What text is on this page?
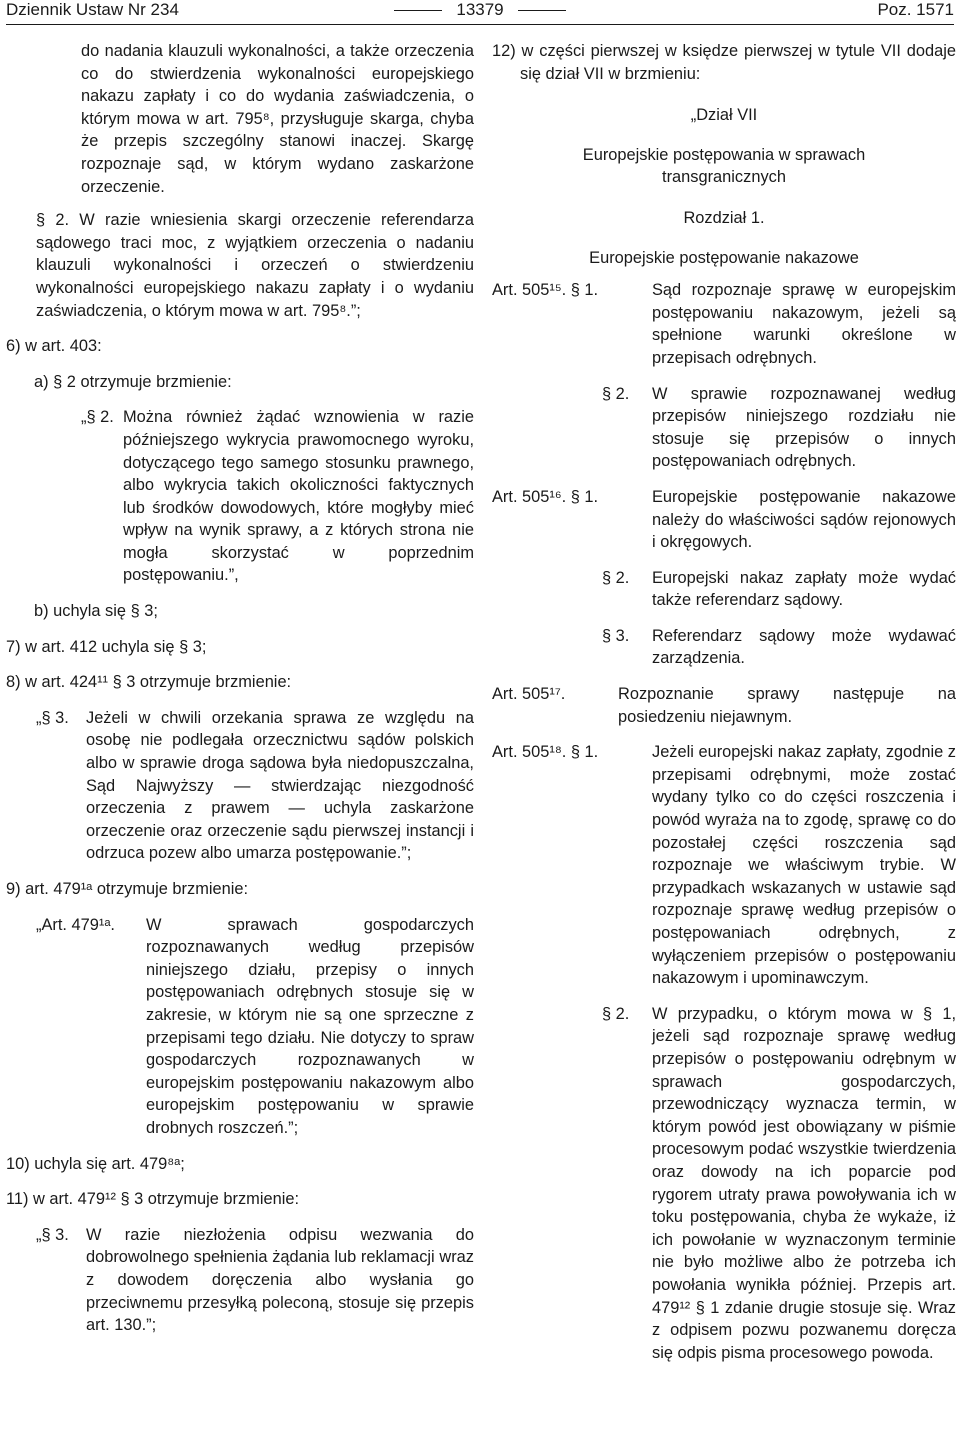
Dziennik Ustaw Nr 234	13379	Poz. 1571

do nadania klauzuli wykonalności, a także orzeczenia co do stwierdzenia wykonalności europejskiego nakazu zapłaty i co do wydania zaświadczenia, o którym mowa w art. 795⁸, przysługuje skarga, chyba że przepis szczególny stanowi inaczej. Skargę rozpoznaje sąd, w którym wydano zaskarżone orzeczenie.

§ 2. W razie wniesienia skargi orzeczenie referendarza sądowego traci moc, z wyjątkiem orzeczenia o nadaniu klauzuli wykonalności i orzeczeń o stwierdzeniu wykonalności europejskiego nakazu zapłaty i o wydaniu zaświadczenia, o którym mowa w art. 795⁸.”;

6) w art. 403:

a) § 2 otrzymuje brzmienie:

„§ 2. Można również żądać wznowienia w razie późniejszego wykrycia prawomocnego wyroku, dotyczącego tego samego stosunku prawnego, albo wykrycia takich okoliczności faktycznych lub środków dowodowych, które mogłyby mieć wpływ na wynik sprawy, a z których strona nie mogła skorzystać w poprzednim postępowaniu.”,

b) uchyla się § 3;

7) w art. 412 uchyla się § 3;

8) w art. 424¹¹ § 3 otrzymuje brzmienie:

„§ 3.	Jeżeli w chwili orzekania sprawa ze względu na osobę nie podlegała orzecznictwu sądów polskich albo w sprawie droga sądowa była niedopuszczalna, Sąd Najwyższy — stwierdzając niezgodność orzeczenia z prawem — uchyla zaskarżone orzeczenie oraz orzeczenie sądu pierwszej instancji i odrzuca pozew albo umarza postępowanie.”;

9) art. 479¹ᵃ otrzymuje brzmienie:

„Art. 479¹ᵃ.	W sprawach gospodarczych rozpoznawanych według przepisów niniejszego działu, przepisy o innych postępowaniach odrębnych stosuje się w zakresie, w którym nie są one sprzeczne z przepisami tego działu. Nie dotyczy to spraw gospodarczych rozpoznawanych w europejskim postępowaniu nakazowym albo europejskim postępowaniu w sprawie drobnych roszczeń.”;

10) uchyla się art. 479⁸ᵃ;

11) w art. 479¹² § 3 otrzymuje brzmienie:

„§ 3.	W razie niezłożenia odpisu wezwania do dobrowolnego spełnienia żądania lub reklamacji wraz z dowodem doręczenia albo wysłania go przeciwnemu przesyłką poleconą, stosuje się przepis art. 130.”;

12) w części pierwszej w księdze pierwszej w tytule VII dodaje się dział VII w brzmieniu:

„Dział VII

Europejskie postępowania w sprawach transgranicznych

Rozdział 1.

Europejskie postępowanie nakazowe

Art. 505¹⁵. § 1.	Sąd rozpoznaje sprawę w europejskim postępowaniu nakazowym, jeżeli są spełnione warunki określone w przepisach odrębnych.
§ 2.	W sprawie rozpoznawanej według przepisów niniejszego rozdziału nie stosuje się przepisów o innych postępowaniach odrębnych.
Art. 505¹⁶. § 1.	Europejskie postępowanie nakazowe należy do właściwości sądów rejonowych i okręgowych.
§ 2.	Europejski nakaz zapłaty może wydać także referendarz sądowy.
§ 3.	Referendarz sądowy może wydawać zarządzenia.
Art. 505¹⁷.	Rozpoznanie sprawy następuje na posiedzeniu niejawnym.
Art. 505¹⁸. § 1.	Jeżeli europejski nakaz zapłaty, zgodnie z przepisami odrębnymi, może zostać wydany tylko co do części roszczenia i powód wyraża na to zgodę, sprawę co do pozostałej części roszczenia sąd rozpoznaje we właściwym trybie. W przypadkach wskazanych w ustawie sąd rozpoznaje sprawę według przepisów o postępowaniach odrębnych, z wyłączeniem przepisów o postępowaniu nakazowym i upominawczym.
§ 2.	W przypadku, o którym mowa w § 1, jeżeli sąd rozpoznaje sprawę według przepisów o postępowaniu odrębnym w sprawach gospodarczych, przewodniczący wyznacza termin, w którym powód jest obowiązany w piśmie procesowym podać wszystkie twierdzenia oraz dowody na ich poparcie pod rygorem utraty prawa powoływania ich w toku postępowania, chyba że wykaże, iż ich powołanie w wyznaczonym terminie nie było możliwe albo że potrzeba ich powołania wynikła później. Przepis art. 479¹² § 1 zdanie drugie stosuje się. Wraz z odpisem pozwu pozwanemu doręcza się odpis pisma procesowego powoda.
